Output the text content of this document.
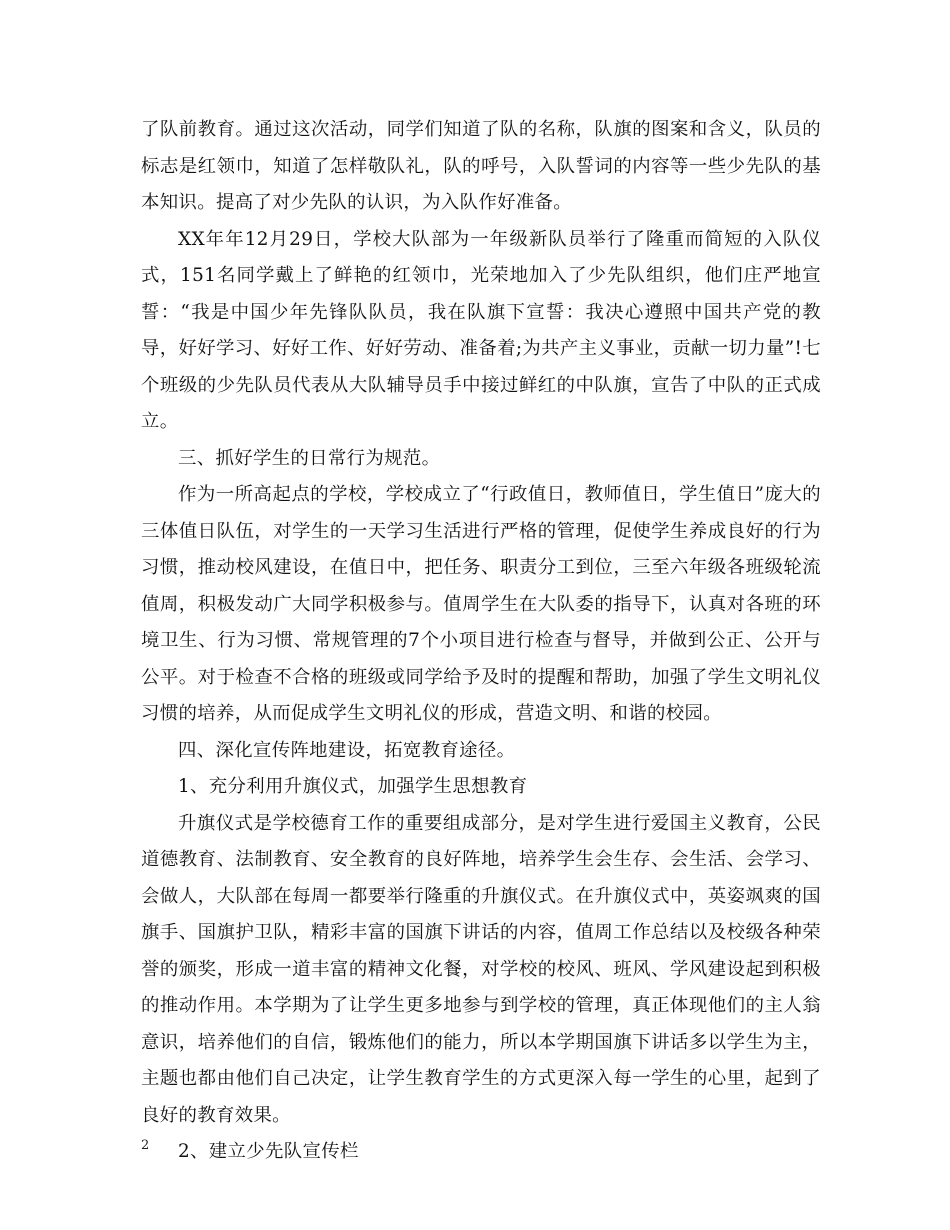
了队前教育。通过这次活动，同学们知道了队的名称，队旗的图案和含义，队员的标志是红领巾，知道了怎样敬队礼，队的呼号，入队誓词的内容等一些少先队的基本知识。提高了对少先队的认识，为入队作好准备。

XX年年12月29日，学校大队部为一年级新队员举行了隆重而简短的入队仪式，151名同学戴上了鲜艳的红领巾，光荣地加入了少先队组织，他们庄严地宣誓：“我是中国少年先锋队队员，我在队旗下宣誓：我决心遵照中国共产党的教导，好好学习、好好工作、好好劳动、准备着;为共产主义事业，贡献一切力量”!七个班级的少先队员代表从大队辅导员手中接过鲜红的中队旗，宣告了中队的正式成立。

三、抓好学生的日常行为规范。

作为一所高起点的学校，学校成立了“行政值日，教师值日，学生值日”庞大的三体值日队伍，对学生的一天学习生活进行严格的管理，促使学生养成良好的行为习惯，推动校风建设，在值日中，把任务、职责分工到位，三至六年级各班级轮流值周，积极发动广大同学积极参与。值周学生在大队委的指导下，认真对各班的环境卫生、行为习惯、常规管理的7个小项目进行检查与督导，并做到公正、公开与公平。对于检查不合格的班级或同学给予及时的提醒和帮助，加强了学生文明礼仪习惯的培养，从而促成学生文明礼仪的形成，营造文明、和谐的校园。

四、深化宣传阵地建设，拓宽教育途径。

1、充分利用升旗仪式，加强学生思想教育

升旗仪式是学校德育工作的重要组成部分，是对学生进行爱国主义教育，公民道德教育、法制教育、安全教育的良好阵地，培养学生会生存、会生活、会学习、会做人，大队部在每周一都要举行隆重的升旗仪式。在升旗仪式中，英姿飒爽的国旗手、国旗护卫队，精彩丰富的国旗下讲话的内容，值周工作总结以及校级各种荣誉的颁奖，形成一道丰富的精神文化餐，对学校的校风、班风、学风建设起到积极的推动作用。本学期为了让学生更多地参与到学校的管理，真正体现他们的主人翁意识，培养他们的自信，锻炼他们的能力，所以本学期国旗下讲话多以学生为主，主题也都由他们自己决定，让学生教育学生的方式更深入每一学生的心里，起到了良好的教育效果。

2、建立少先队宣传栏

2
